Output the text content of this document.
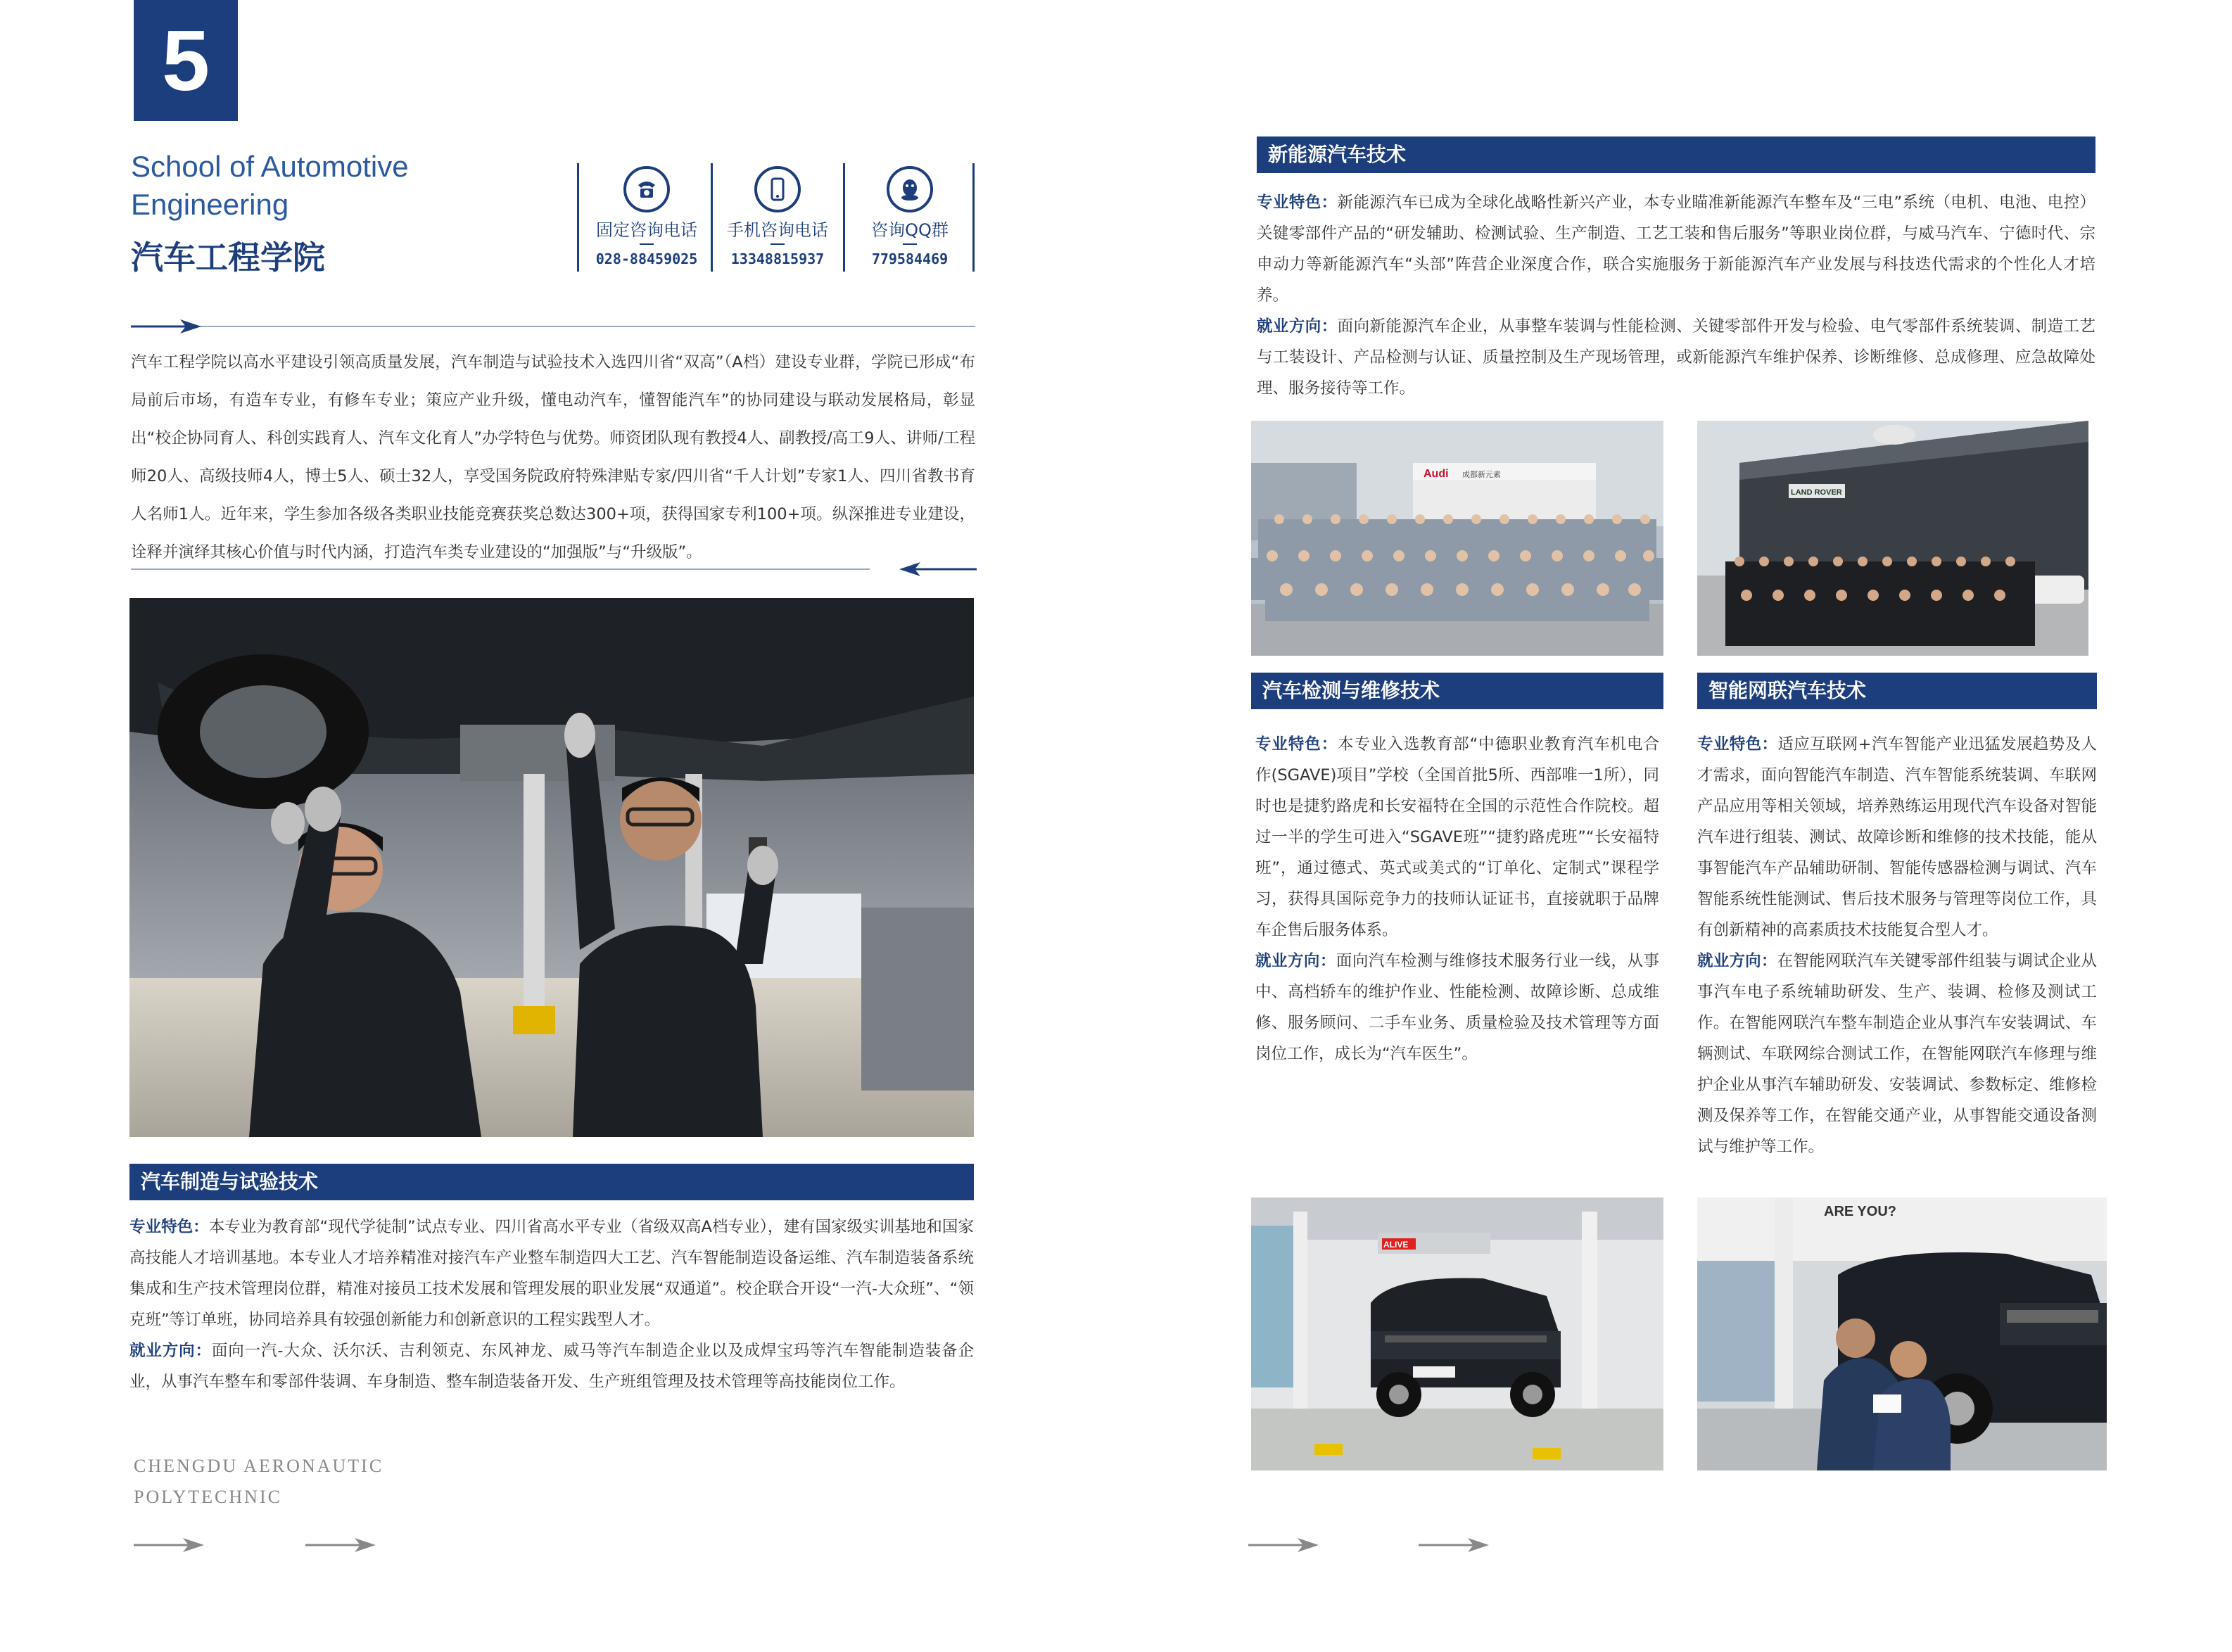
5
School of Automotive
Engineering
汽车工程学院
固定咨询电话
028-88459025
手机咨询电话
13348815937
咨询QQ群
779584469
汽车工程学院以高水平建设引领高质量发展，汽车制造与试验技术入选四川省“双高”（A档）建设专业群，学院已形成“布局前后市场，有造车专业，有修车专业；策应产业升级，懂电动汽车，懂智能汽车”的协同建设与联动发展格局，彰显出“校企协同育人、科创实践育人、汽车文化育人”办学特色与优势。师资团队现有教授4人、副教授/高工9人、讲师/工程师20人、高级技师4人，博士5人、硕士32人，享受国务院政府特殊津贴专家/四川省“千人计划”专家1人、四川省教书育人名师1人。近年来，学生参加各级各类职业技能竞赛获奖总数达300+项，获得国家专利100+项。纵深推进专业建设，诠释并演绎其核心价值与时代内涵，打造汽车类专业建设的“加强版”与“升级版”。
汽车制造与试验技术
专业特色：本专业为教育部“现代学徒制”试点专业、四川省高水平专业（省级双高A档专业），建有国家级实训基地和国家高技能人才培训基地。本专业人才培养精准对接汽车产业整车制造四大工艺、汽车智能制造设备运维、汽车制造装备系统集成和生产技术管理岗位群，精准对接员工技术发展和管理发展的职业发展“双通道”。校企联合开设“一汽-大众班”、“领克班”等订单班，协同培养具有较强创新能力和创新意识的工程实践型人才。
就业方向：面向一汽-大众、沃尔沃、吉利领克、东风神龙、威马等汽车制造企业以及成焊宝玛等汽车智能制造装备企业，从事汽车整车和零部件装调、车身制造、整车制造装备开发、生产班组管理及技术管理等高技能岗位工作。
CHENGDU AERONAUTIC
POLYTECHNIC
新能源汽车技术
专业特色：新能源汽车已成为全球化战略性新兴产业，本专业瞄准新能源汽车整车及“三电”系统（电机、电池、电控）关键零部件产品的“研发辅助、检测试验、生产制造、工艺工装和售后服务”等职业岗位群，与威马汽车、宁德时代、宗申动力等新能源汽车“头部”阵营企业深度合作，联合实施服务于新能源汽车产业发展与科技迭代需求的个性化人才培养。
就业方向：面向新能源汽车企业，从事整车装调与性能检测、关键零部件开发与检验、电气零部件系统装调、制造工艺与工装设计、产品检测与认证、质量控制及生产现场管理，或新能源汽车维护保养、诊断维修、总成修理、应急故障处理、服务接待等工作。
Audi 成都新元素
LAND ROVER
汽车检测与维修技术
专业特色：本专业入选教育部“中德职业教育汽车机电合作(SGAVE)项目”学校（全国首批5所、西部唯一1所），同时也是捷豹路虎和长安福特在全国的示范性合作院校。超过一半的学生可进入“SGAVE班”“捷豹路虎班”“长安福特班”，通过德式、英式或美式的“订单化、定制式”课程学习，获得具国际竞争力的技师认证证书，直接就职于品牌车企售后服务体系。
就业方向：面向汽车检测与维修技术服务行业一线，从事中、高档轿车的维护作业、性能检测、故障诊断、总成维修、服务顾问、二手车业务、质量检验及技术管理等方面岗位工作，成长为“汽车医生”。
智能网联汽车技术
专业特色：适应互联网+汽车智能产业迅猛发展趋势及人才需求，面向智能汽车制造、汽车智能系统装调、车联网产品应用等相关领域，培养熟练运用现代汽车设备对智能汽车进行组装、测试、故障诊断和维修的技术技能，能从事智能汽车产品辅助研制、智能传感器检测与调试、汽车智能系统性能测试、售后技术服务与管理等岗位工作，具有创新精神的高素质技术技能复合型人才。
就业方向：在智能网联汽车关键零部件组装与调试企业从事汽车电子系统辅助研发、生产、装调、检修及测试工作。在智能网联汽车整车制造企业从事汽车安装调试、车辆测试、车联网综合测试工作，在智能网联汽车修理与维护企业从事汽车辅助研发、安装调试、参数标定、维修检测及保养等工作，在智能交通产业，从事智能交通设备测试与维护等工作。
ALIVE
ARE YOU?
